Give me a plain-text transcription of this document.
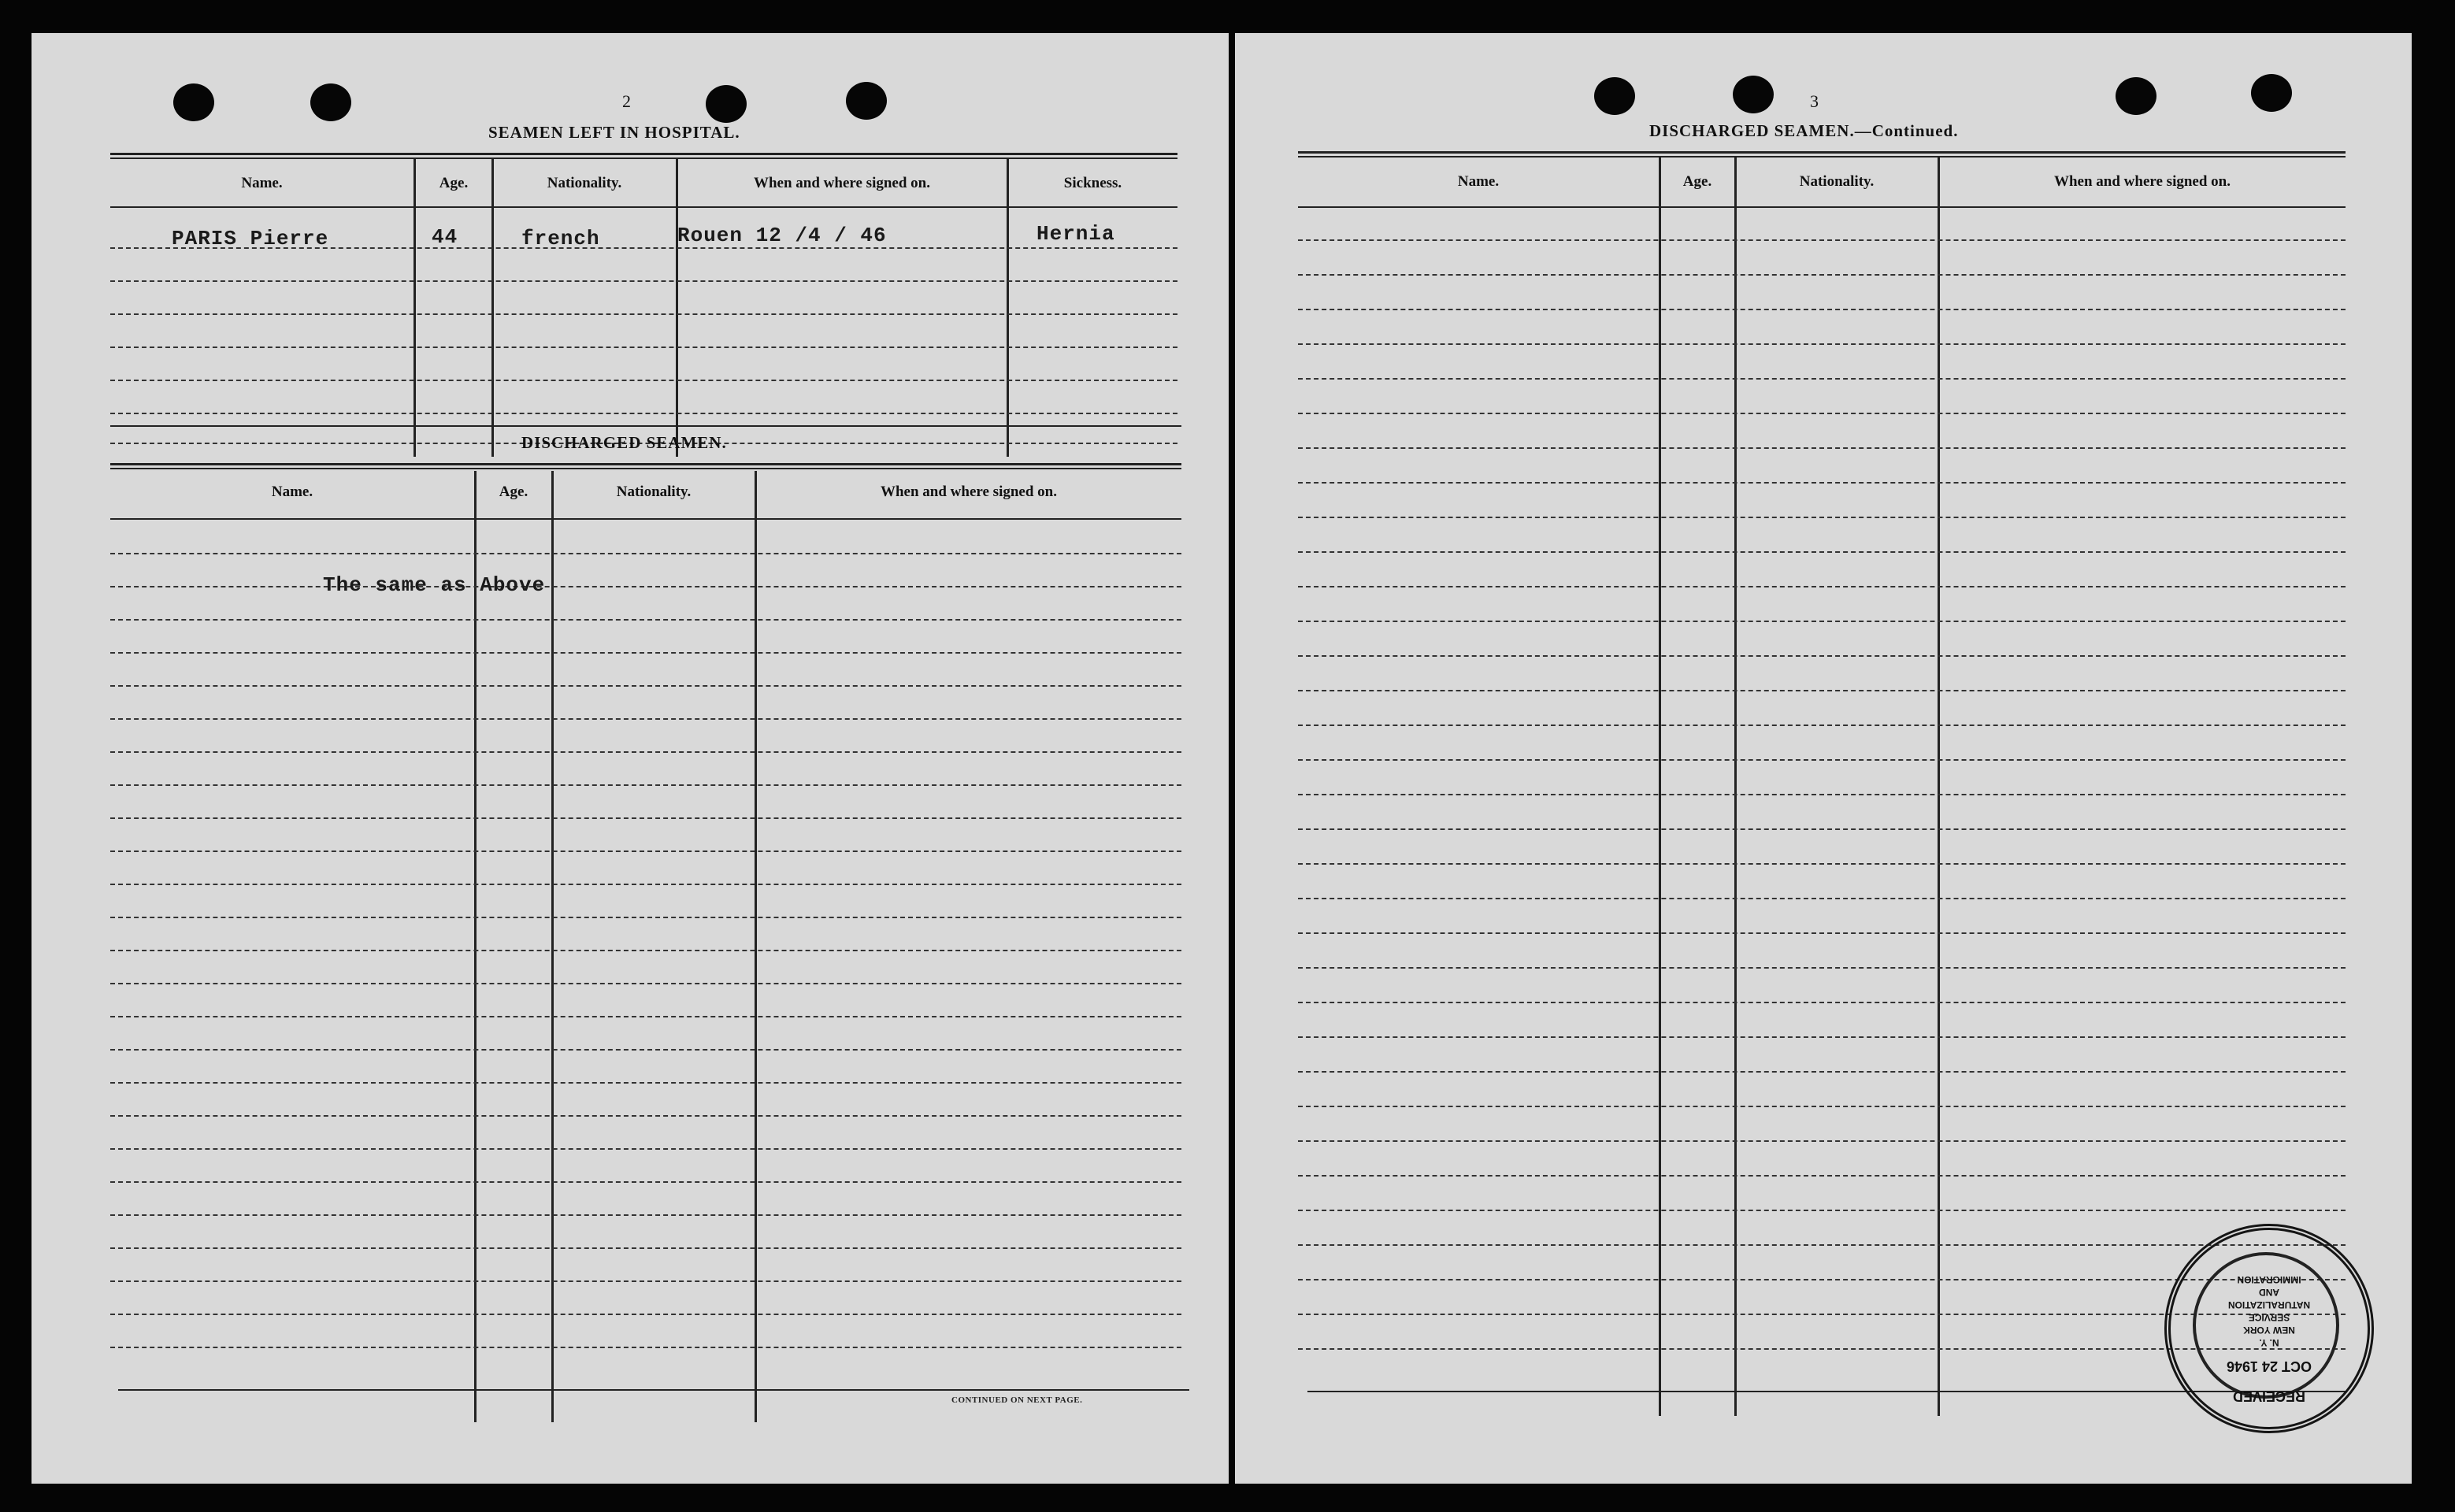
2
SEAMEN LEFT IN HOSPITAL.
Name.	Age.	Nationality.	When and where signed on.	Sickness.
PARIS Pierre	44	french	Rouen 12 /4 / 46	Hernia
DISCHARGED SEAMEN.
Name.	Age.	Nationality.	When and where signed on.
The same as Above
CONTINUED ON NEXT PAGE.
3
DISCHARGED SEAMEN.—Continued.
Name.	Age.	Nationality.	When and where signed on.
RECEIVED
OCT 24 1946
N. Y.
NEW YORK
SERVICE
NATURALIZATION
AND
IMMIGRATION
